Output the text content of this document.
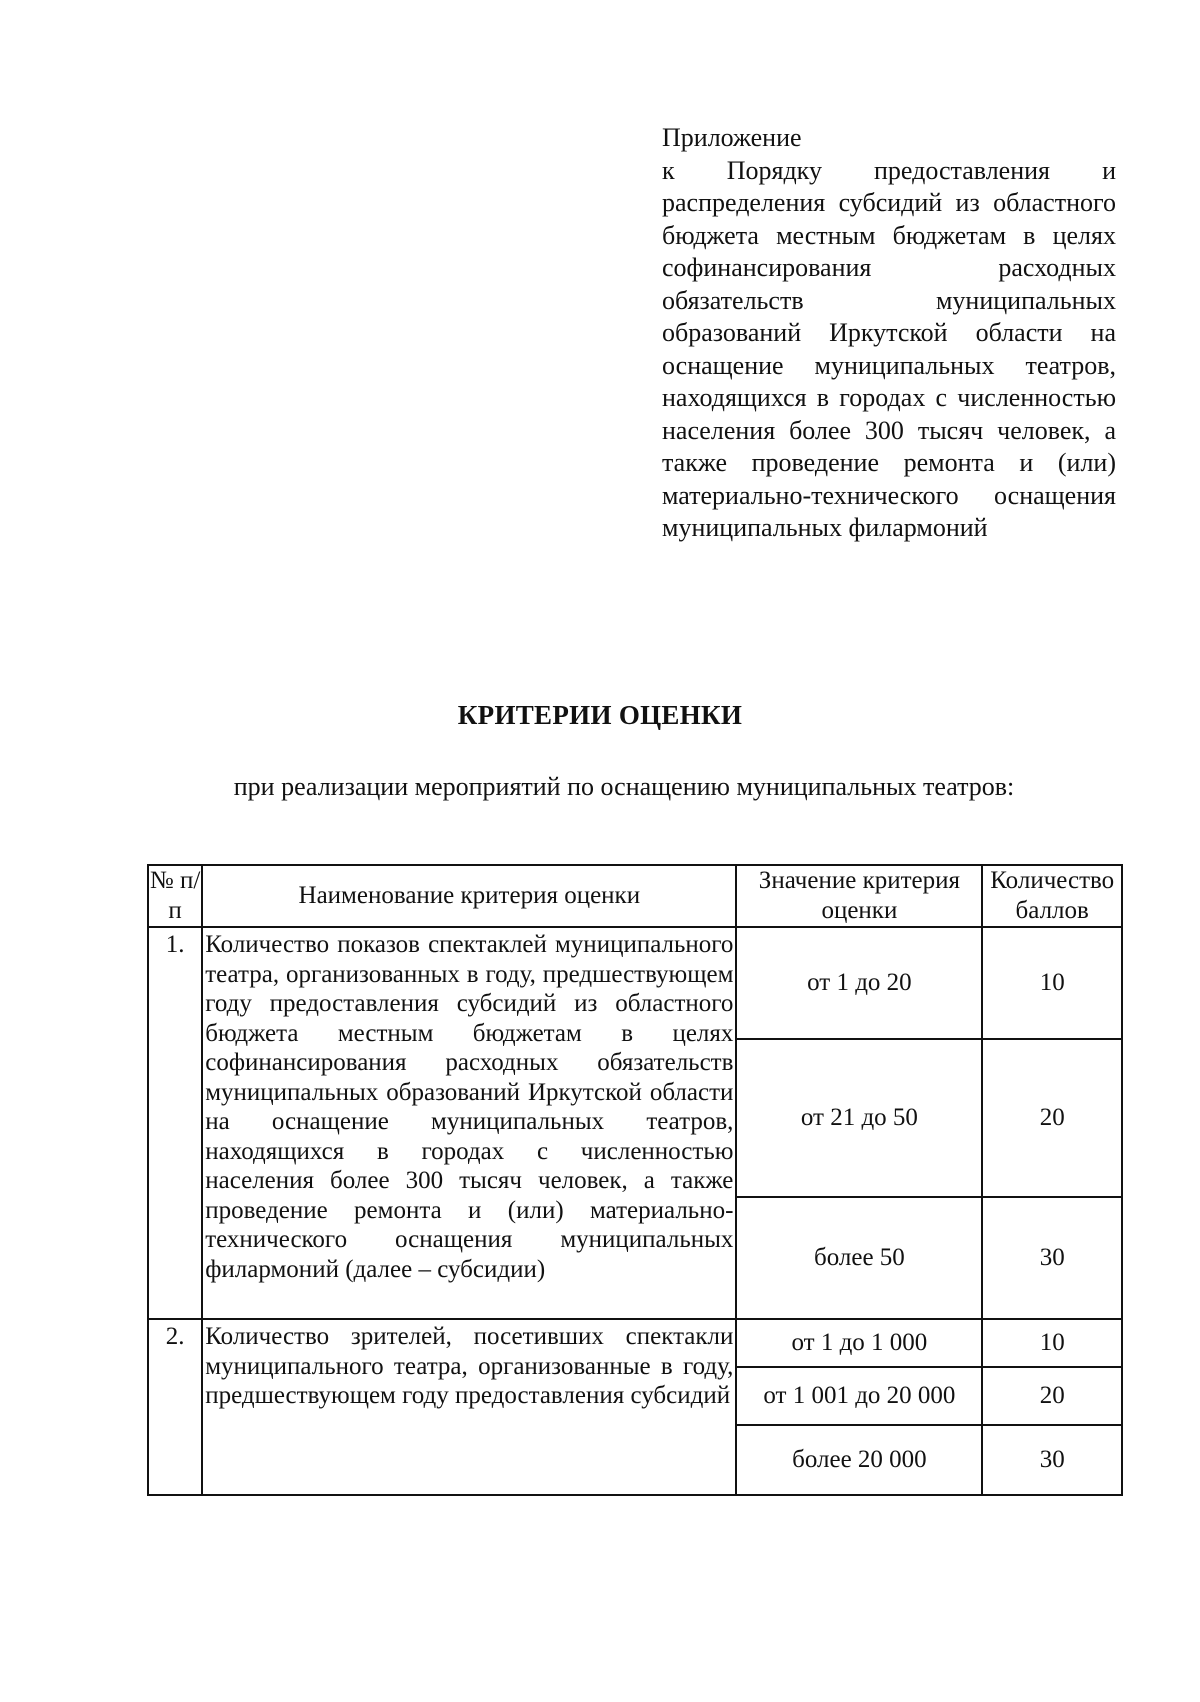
Приложение
к Порядку предоставления и распределения субсидий из областного бюджета местным бюджетам в целях софинансирования расходных обязательств муниципальных образований Иркутской области на оснащение муниципальных театров, находящихся в городах с численностью населения более 300 тысяч человек, а также проведение ремонта и (или) материально-технического оснащения муниципальных филармоний
КРИТЕРИИ ОЦЕНКИ
при реализации мероприятий по оснащению муниципальных театров:
№ п/п	Наименование критерия оценки	Значение критерия оценки	Количество баллов
1.	Количество показов спектаклей муниципального театра, организованных в году, предшествующем году предоставления субсидий из областного бюджета местным бюджетам в целях софинансирования расходных обязательств муниципальных образований Иркутской области на оснащение муниципальных театров, находящихся в городах с численностью населения более 300 тысяч человек, а также проведение ремонта и (или) материально-технического оснащения муниципальных филармоний (далее – субсидии)	от 1 до 20	10
		от 21 до 50	20
		более 50	30
2.	Количество зрителей, посетивших спектакли муниципального театра, организованные в году, предшествующем году предоставления субсидий	от 1 до 1 000	10
		от 1 001 до 20 000	20
		более 20 000	30
